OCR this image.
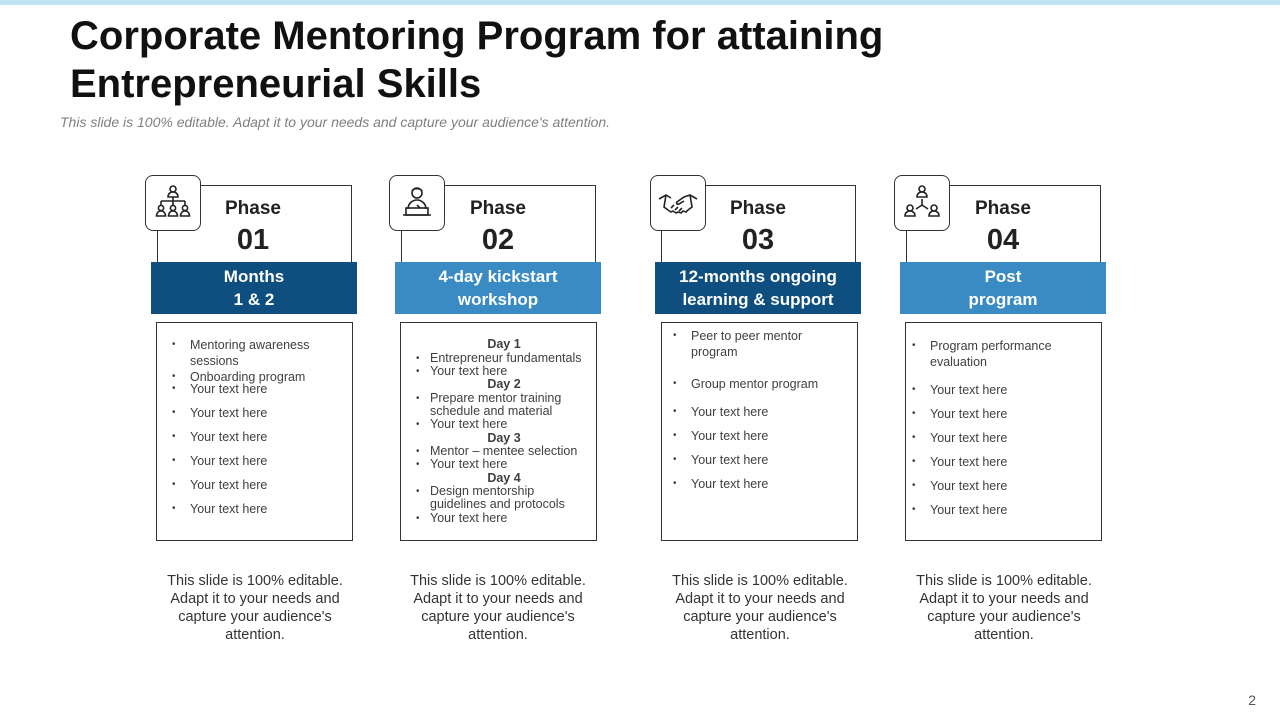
Corporate Mentoring Program for attaining
Entrepreneurial Skills
This slide is 100% editable. Adapt it to your needs and capture your audience's attention.
Phase
01
Months
1 & 2
• Mentoring awareness sessions
• Onboarding program
• Your text here
• Your text here
• Your text here
• Your text here
• Your text here
• Your text here
This slide is 100% editable. Adapt it to your needs and capture your audience's attention.
Phase
02
4-day kickstart
workshop
Day 1
• Entrepreneur fundamentals
• Your text here
Day 2
• Prepare mentor training schedule and material
• Your text here
Day 3
• Mentor – mentee selection
• Your text here
Day 4
• Design mentorship guidelines and protocols
• Your text here
This slide is 100% editable. Adapt it to your needs and capture your audience's attention.
Phase
03
12-months ongoing
learning & support
• Peer to peer mentor program
• Group mentor program
• Your text here
• Your text here
• Your text here
• Your text here
This slide is 100% editable. Adapt it to your needs and capture your audience's attention.
Phase
04
Post
program
• Program performance evaluation
• Your text here
• Your text here
• Your text here
• Your text here
• Your text here
• Your text here
This slide is 100% editable. Adapt it to your needs and capture your audience's attention.
2
